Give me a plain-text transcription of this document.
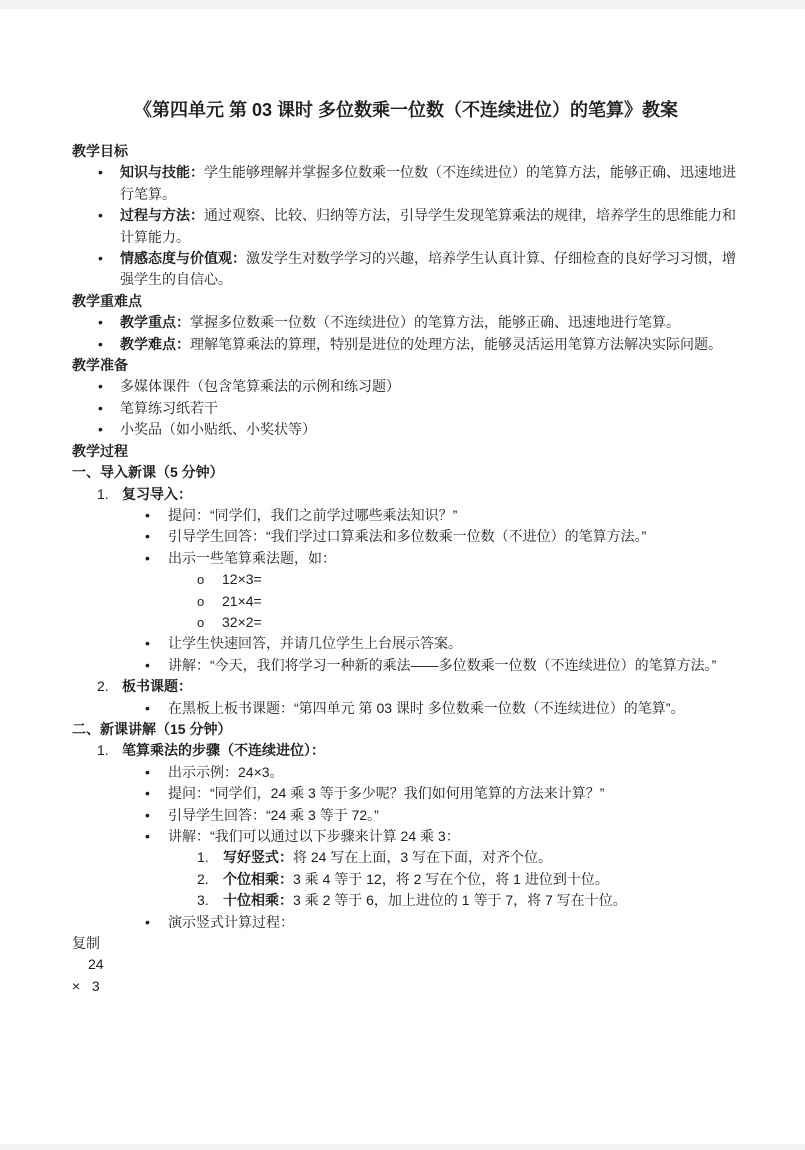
《第四单元 第 03 课时 多位数乘一位数（不连续进位）的笔算》教案
教学目标
•	知识与技能：学生能够理解并掌握多位数乘一位数（不连续进位）的笔算方法，能够正确、迅速地进行笔算。
•	过程与方法：通过观察、比较、归纳等方法，引导学生发现笔算乘法的规律，培养学生的思维能力和计算能力。
•	情感态度与价值观：激发学生对数学学习的兴趣，培养学生认真计算、仔细检查的良好学习习惯，增强学生的自信心。
教学重难点
•	教学重点：掌握多位数乘一位数（不连续进位）的笔算方法，能够正确、迅速地进行笔算。
•	教学难点：理解笔算乘法的算理，特别是进位的处理方法，能够灵活运用笔算方法解决实际问题。
教学准备
•	多媒体课件（包含笔算乘法的示例和练习题）
•	笔算练习纸若干
•	小奖品（如小贴纸、小奖状等）
教学过程
一、导入新课（5 分钟）
1. 复习导入：
•	提问：“同学们，我们之前学过哪些乘法知识？”
•	引导学生回答：“我们学过口算乘法和多位数乘一位数（不进位）的笔算方法。”
•	出示一些笔算乘法题，如：
o	12×3=
o	21×4=
o	32×2=
•	让学生快速回答，并请几位学生上台展示答案。
•	讲解：“今天，我们将学习一种新的乘法——多位数乘一位数（不连续进位）的笔算方法。”
2. 板书课题：
•	在黑板上板书课题：“第四单元 第 03 课时 多位数乘一位数（不连续进位）的笔算”。
二、新课讲解（15 分钟）
1. 笔算乘法的步骤（不连续进位）：
•	出示示例：24×3。
•	提问：“同学们，24 乘 3 等于多少呢？我们如何用笔算的方法来计算？”
•	引导学生回答：“24 乘 3 等于 72。”
•	讲解：“我们可以通过以下步骤来计算 24 乘 3：
1.	写好竖式：将 24 写在上面，3 写在下面，对齐个位。
2.	个位相乘：3 乘 4 等于 12，将 2 写在个位，将 1 进位到十位。
3.	十位相乘：3 乘 2 等于 6，加上进位的 1 等于 7，将 7 写在十位。
•	演示竖式计算过程：
复制
24
×   3
